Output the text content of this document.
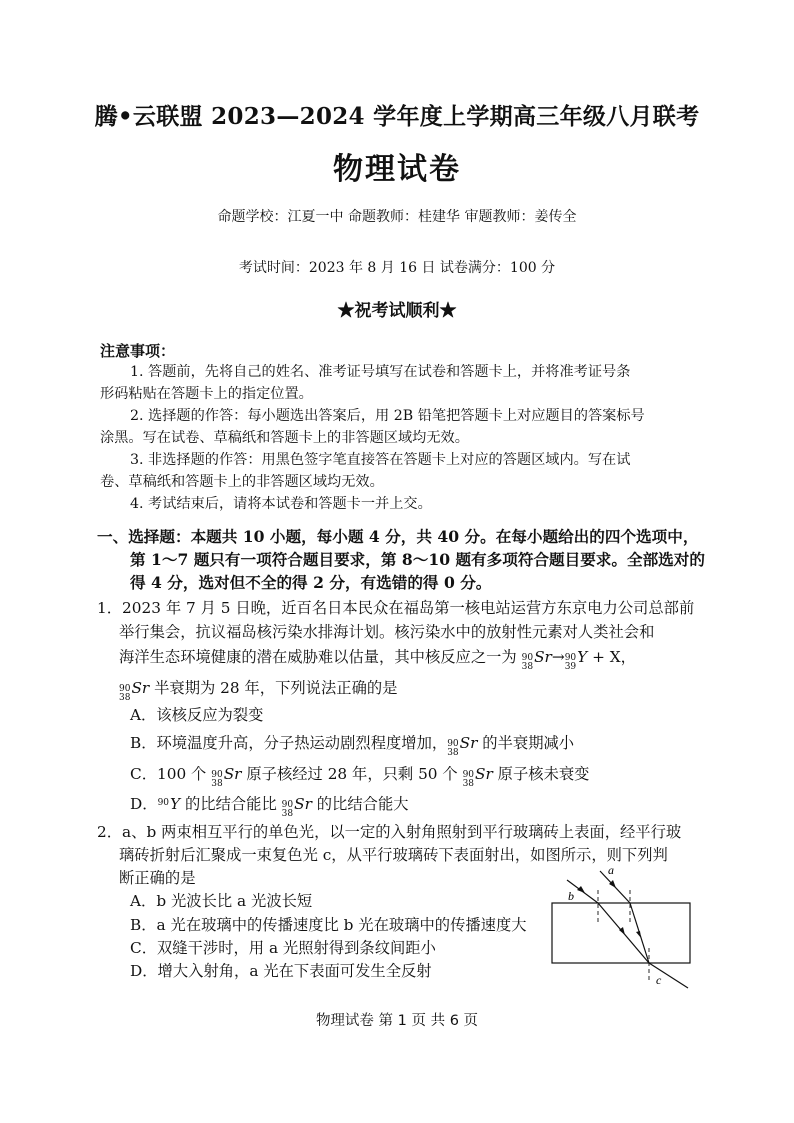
腾•云联盟 2023—2024 学年度上学期高三年级八月联考
物理试卷
命题学校：江夏一中 命题教师：桂建华 审题教师：姜传全
考试时间：2023 年 8 月 16 日 试卷满分：100 分
★祝考试顺利★
注意事项：
1. 答题前，先将自己的姓名、准考证号填写在试卷和答题卡上，并将准考证号条
形码粘贴在答题卡上的指定位置。
2. 选择题的作答：每小题选出答案后，用 2B 铅笔把答题卡上对应题目的答案标号
涂黑。写在试卷、草稿纸和答题卡上的非答题区域均无效。
3. 非选择题的作答：用黑色签字笔直接答在答题卡上对应的答题区域内。写在试
卷、草稿纸和答题卡上的非答题区域均无效。
4. 考试结束后，请将本试卷和答题卡一并上交。
一、选择题：本题共 10 小题，每小题 4 分，共 40 分。在每小题给出的四个选项中，
第 1～7 题只有一项符合题目要求，第 8～10 题有多项符合题目要求。全部选对的
得 4 分，选对但不全的得 2 分，有选错的得 0 分。
1．2023 年 7 月 5 日晚，近百名日本民众在福岛第一核电站运营方东京电力公司总部前
举行集会，抗议福岛核污染水排海计划。核污染水中的放射性元素对人类社会和
海洋生态环境健康的潜在威胁难以估量，其中核反应之一为 90
38
Sr→ 90
39
Y + X，
90
38
Sr 半衰期为 28 年，下列说法正确的是
A．该核反应为裂变
B．环境温度升高，分子热运动剧烈程度增加， 90
38
Sr 的半衰期减小
C．100 个 90
38
Sr 原子核经过 28 年，只剩 50 个 90
38
Sr 原子核未衰变
D． 90 Y 的比结合能比 90
38
Sr 的比结合能大
2．a、b 两束相互平行的单色光，以一定的入射角照射到平行玻璃砖上表面，经平行玻
璃砖折射后汇聚成一束复色光 c，从平行玻璃砖下表面射出，如图所示，则下列判
断正确的是
A．b 光波长比 a 光波长短
B．a 光在玻璃中的传播速度比 b 光在玻璃中的传播速度大
C．双缝干涉时，用 a 光照射得到条纹间距小
D．增大入射角，a 光在下表面可发生全反射
a
b
c
物理试卷 第 1 页 共 6 页
